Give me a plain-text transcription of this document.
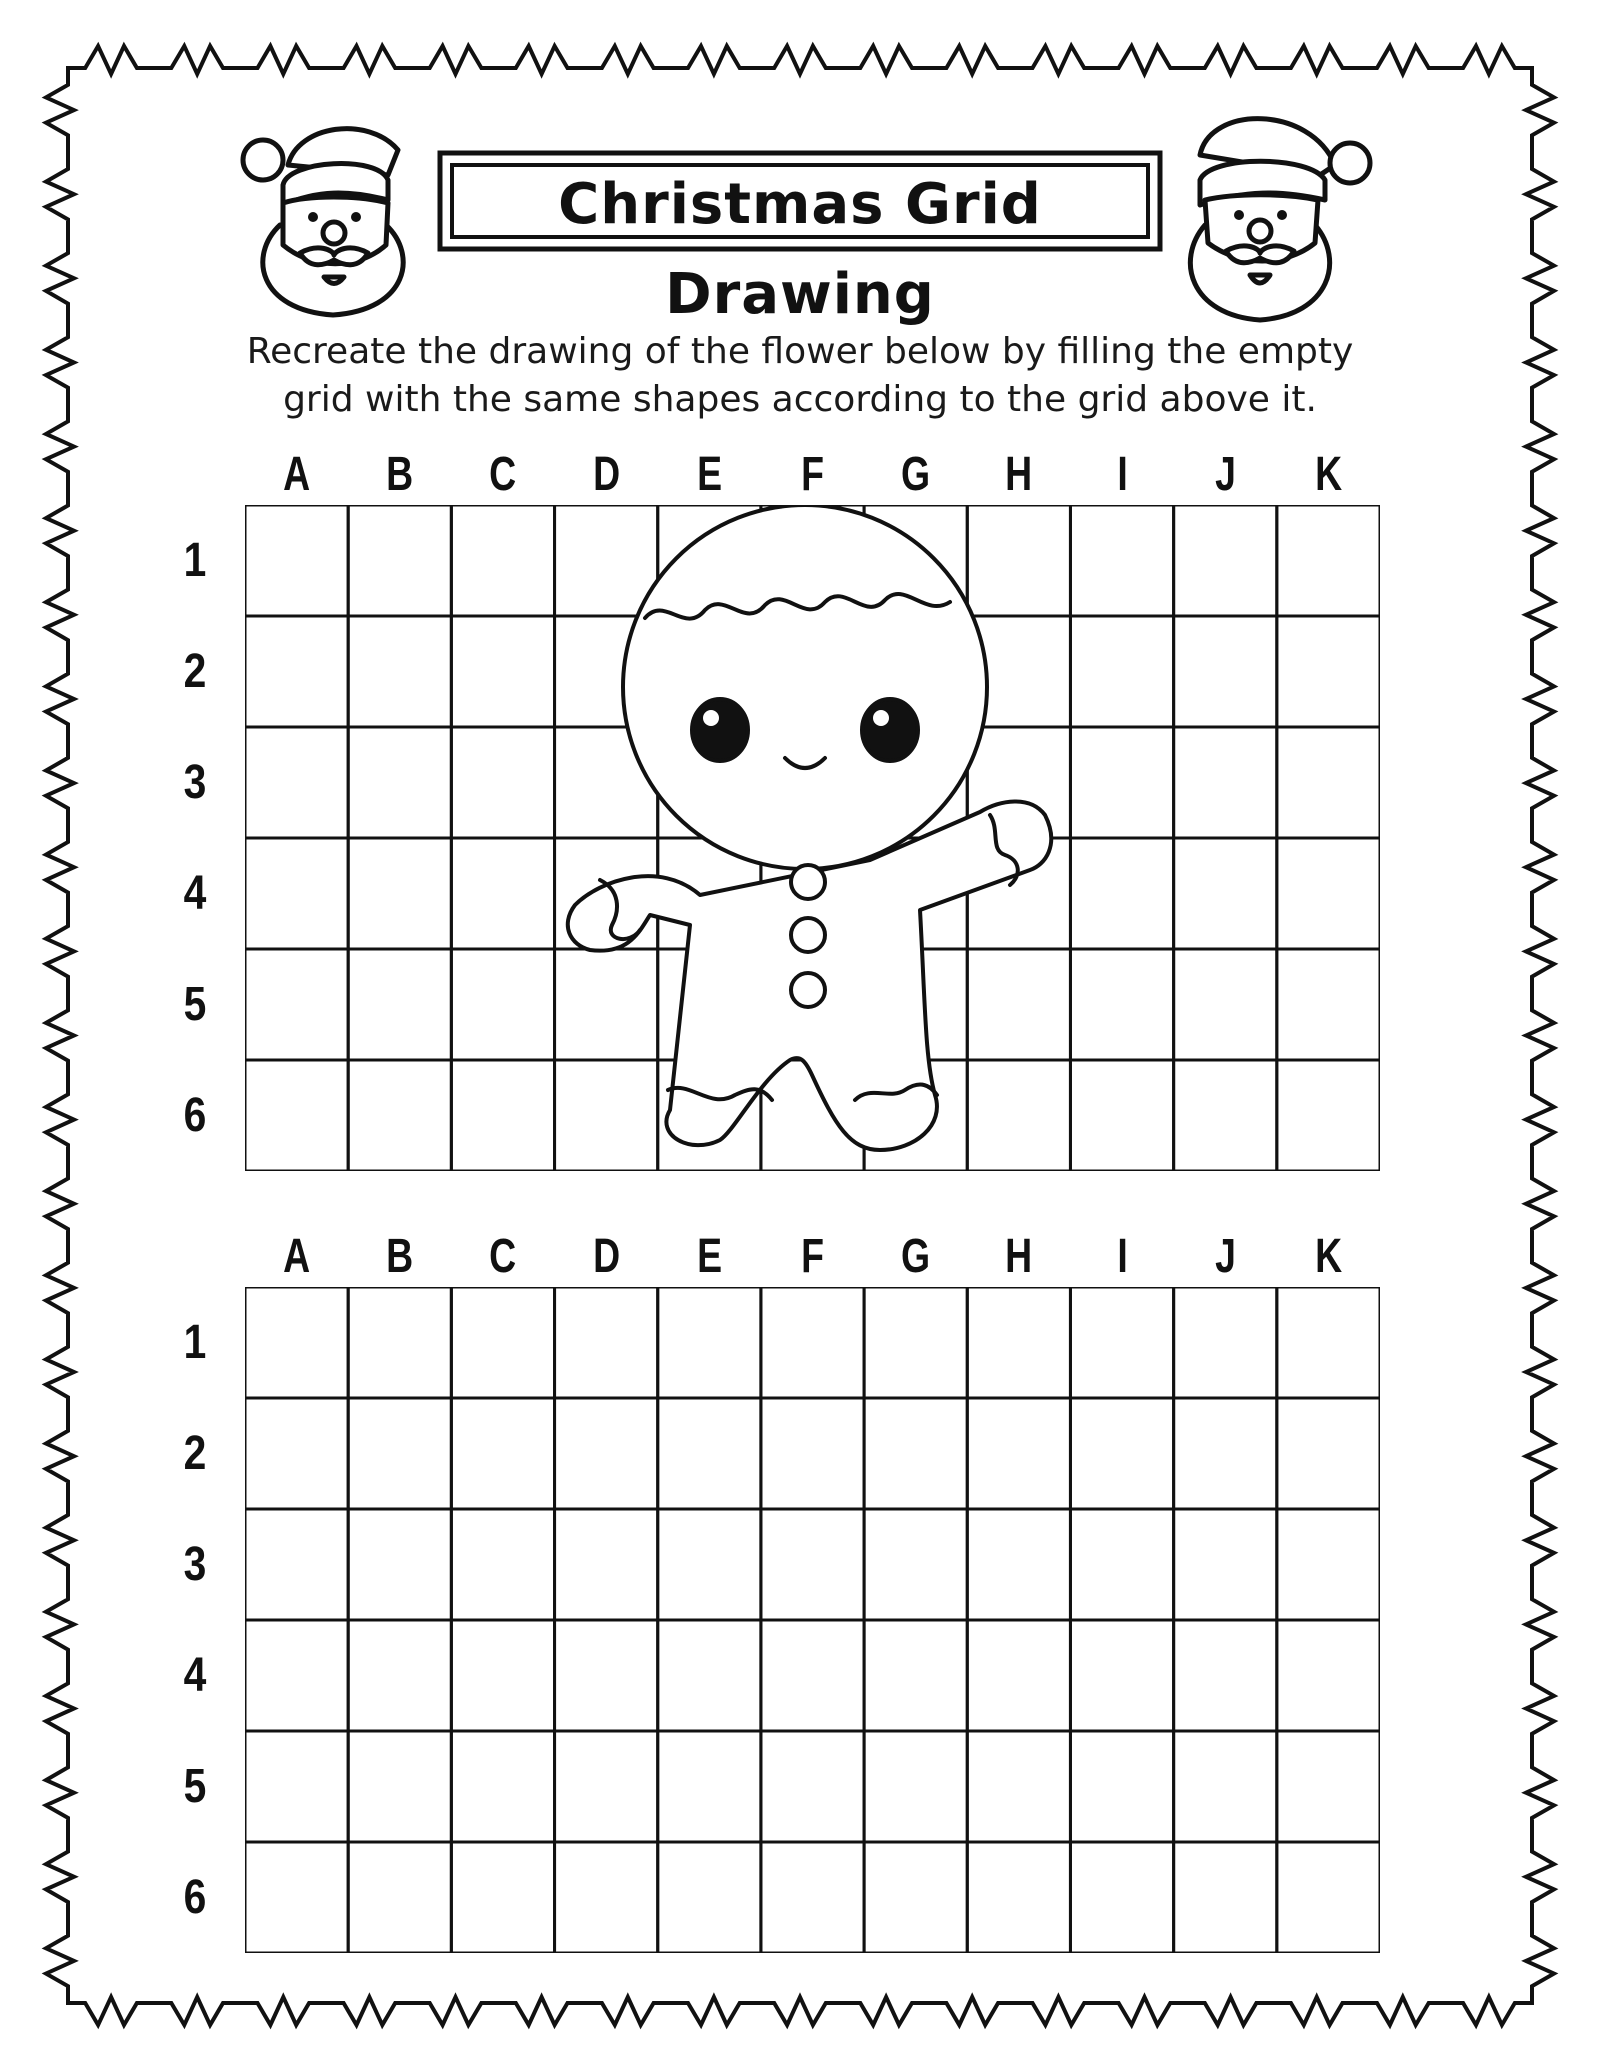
Christmas Grid Drawing
Recreate the drawing of the flower below by filling the empty
grid with the same shapes according to the grid above it.
A	B	C	D	E	F	G	H	I	J	K
1
2
3
4
5
6
A	B	C	D	E	F	G	H	I	J	K
1
2
3
4
5
6
